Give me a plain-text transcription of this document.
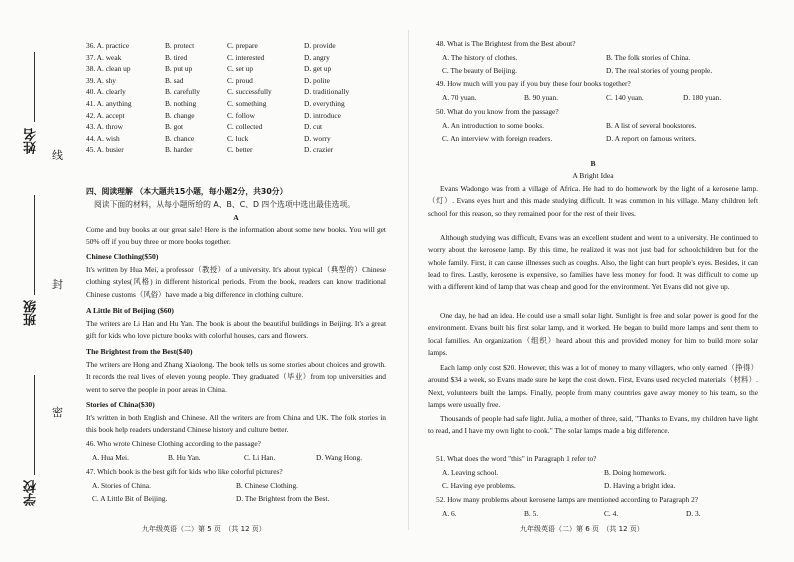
姓名
班级
学校
线
封
密
36. A. practice	B. protect	C. prepare	D. provide
37. A. weak	B. tired	C. interested	D. angry
38. A. clean up	B. put up	C. set up	D. get up
39. A. shy	B. sad	C. proud	D. polite
40. A. clearly	B. carefully	C. successfully	D. traditionally
41. A. anything	B. nothing	C. something	D. everything
42. A. accept	B. change	C. follow	D. introduce
43. A. throw	B. got	C. collected	D. cut
44. A. wish	B. chance	C. luck	D. worry
45. A. busier	B. harder	C. better	D. crazier
四、阅读理解 （本大题共15小题，每小题2分，共30分）
阅读下面的材料，从每小题所给的 A、B、C、D 四个选项中选出最佳选项。
A
Come and buy books at our great sale! Here is the information about some new books. You will get 50% off if you buy three or more books together.
Chinese Clothing($50)
It's written by Hua Mei, a professor（教授）of a university. It's about typical（典型的）Chinese clothing styles(风格) in different historical periods. From the book, readers can know traditional Chinese customs（风俗）have made a big difference in clothing culture.
A Little Bit of Beijing ($60)
The writers are Li Han and Hu Yan. The book is about the beautiful buildings in Beijing. It's a great gift for kids who love picture books with colorful houses, cars and flowers.
The Brightest from the Best($40)
The writers are Hong and Zhang Xiaolong. The book tells us some stories about choices and growth. It records the real lives of eleven young people. They graduated（毕业）from top universities and went to serve the people in poor areas in China.
Stories of China($30)
It's written in both English and Chinese. All the writers are from China and UK. The folk stories in this book help readers understand Chinese history and culture better.
46. Who wrote Chinese Clothing according to the passage?
A. Hua Mei.	B. Hu Yan.	C. Li Han.	D. Wang Hong.
47. Which book is the best gift for kids who like colorful pictures?
A. Stories of China.	B. Chinese Clothing.
C. A Little Bit of Beijing.	D. The Brightest from the Best.
九年级英语（二）第 5 页　（共 12 页）
48. What is The Brightest from the Best about?
A. The history of clothes.	B. The folk stories of China.
C. The beauty of Beijing.	D. The real stories of young people.
49. How much will you pay if you buy these four books together?
A. 70 yuan.	B. 90 yuan.	C. 140 yuan.	D. 180 yuan.
50. What do you know from the passage?
A. An introduction to some books.	B. A list of several bookstores.
C. An interview with foreign readers.	D. A report on famous writers.
B
A Bright Idea
Evans Wadongo was from a village of Africa. He had to do homework by the light of a kerosene lamp.（灯）. Evans eyes hurt and this made studying difficult. It was common in his village. Many children left school for this reason, so they remained poor for the rest of their lives.
Although studying was difficult, Evans was an excellent student and went to a university. He continued to worry about the kerosene lamp. By this time, he realized it was not just bad for schoolchildren but for the whole family. First, it can cause illnesses such as coughs. Also, the light can hurt people's eyes. Besides, it can lead to fires. Lastly, kerosene is expensive, so families have less money for food. It was difficult to come up with a different kind of lamp that was cheap and good for the environment. Yet Evans did not give up.
One day, he had an idea. He could use a small solar light. Sunlight is free and solar power is good for the environment. Evans built his first solar lamp, and it worked. He began to build more lamps and sent them to local families. An organization（组织）heard about this and provided money for him to build more solar lamps.
Each lamp only cost $20. However, this was a lot of money to many villagers, who only earned（挣得）around $34 a week, so Evans made sure he kept the cost down. First, Evans used recycled materials（材料）. Next, volunteers built the lamps. Finally, people from many countries gave away money to his team, so the lamps were usually free.
Thousands of people had safe light. Julia, a mother of three, said, "Thanks to Evans, my children have light to read, and I have my own light to cook." The solar lamps made a big difference.
51. What does the word "this" in Paragraph 1 refer to?
A. Leaving school.	B. Doing homework.
C. Having eye problems.	D. Having a bright idea.
52. How many problems about kerosene lamps are mentioned according to Paragraph 2?
A. 6.	B. 5.	C. 4.	D. 3.
九年级英语（二）第 6 页　（共 12 页）
